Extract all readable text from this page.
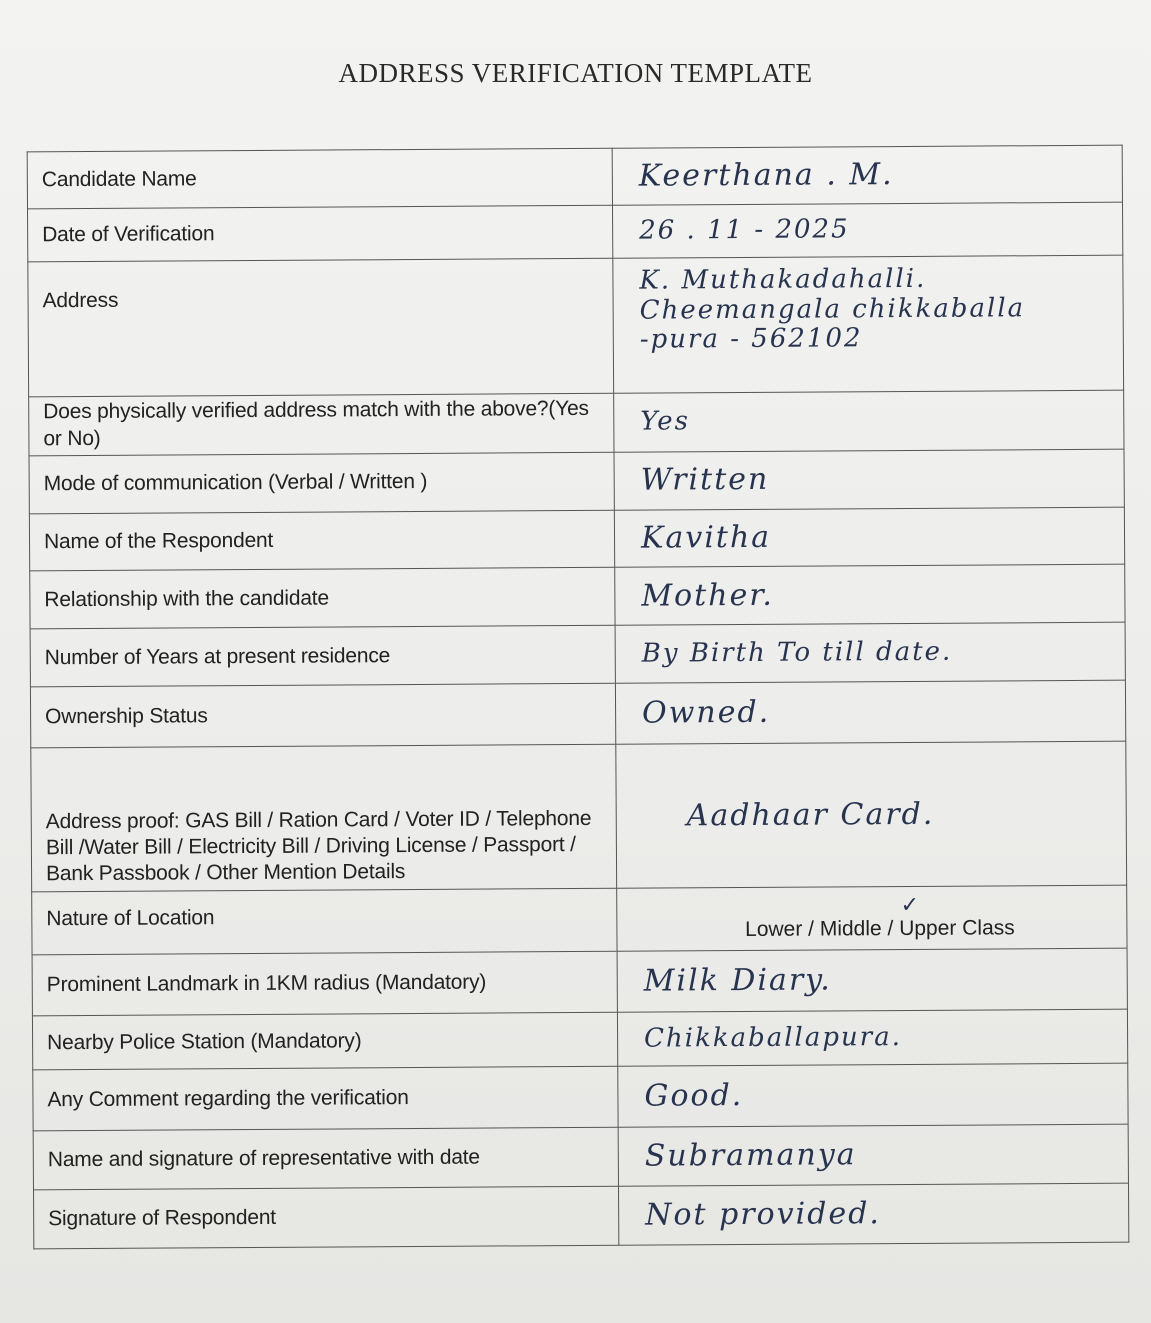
ADDRESS VERIFICATION TEMPLATE
Candidate Name	Keerthana . M.
Date of Verification	26 . 11 - 2025
Address	K. Muthakadahalli.
Cheemangala chikkaballa
-pura - 562102

Does physically verified address match with the above?(Yes or No)	Yes
Mode of communication (Verbal / Written )	Written
Name of the Respondent	Kavitha
Relationship with the candidate	Mother.
Number of Years at present residence	By Birth To till date.
Ownership Status	Owned.
Address proof: GAS Bill / Ration Card / Voter ID / Telephone Bill /Water Bill / Electricity Bill / Driving License / Passport / Bank Passbook / Other Mention Details	Aadhaar Card.
Nature of Location	✓
Lower / Middle / Upper Class
Prominent Landmark in 1KM radius (Mandatory)	Milk Diary.
Nearby Police Station (Mandatory)	Chikkaballapura.
Any Comment regarding the verification	Good.
Name and signature of representative with date	Subramanya
Signature of Respondent	Not provided.
